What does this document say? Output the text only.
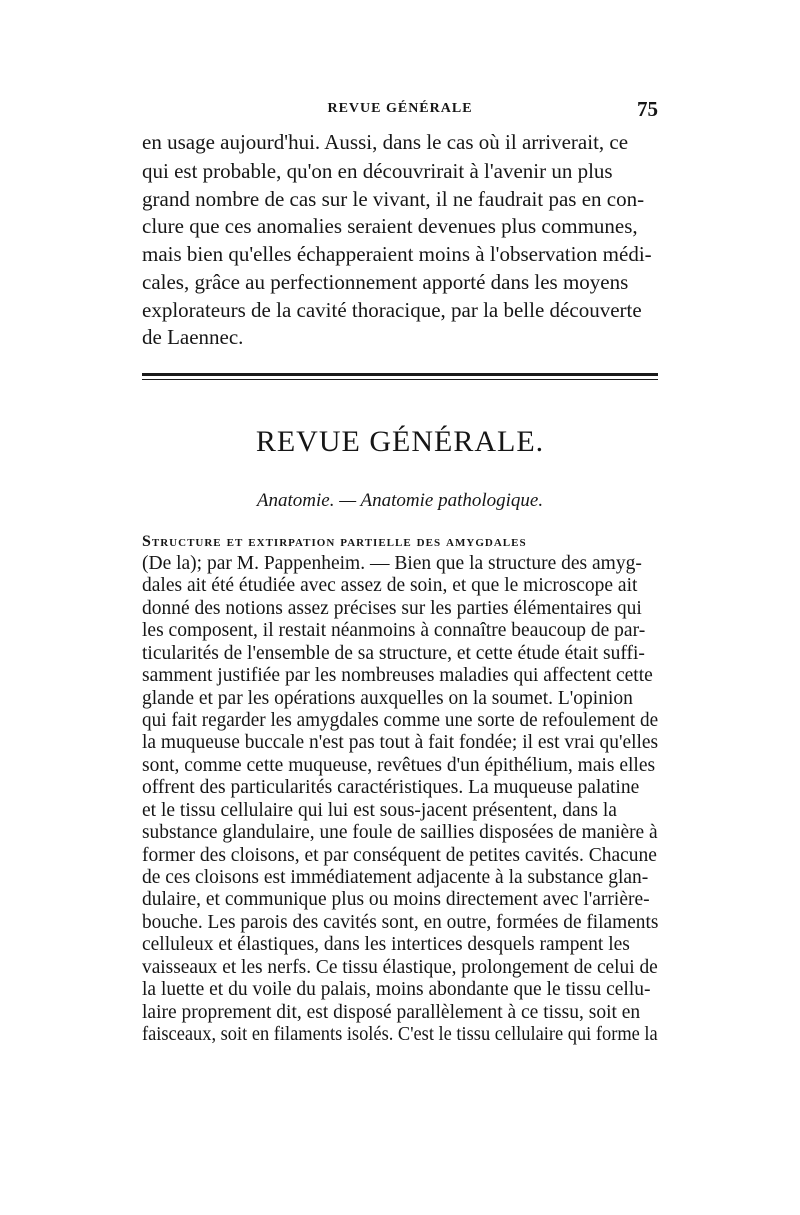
REVUE GÉNÉRALE	75
en usage aujourd'hui. Aussi, dans le cas où il arriverait, ce
qui est probable, qu'on en découvrirait à l'avenir un plus
grand nombre de cas sur le vivant, il ne faudrait pas en con-
clure que ces anomalies seraient devenues plus communes,
mais bien qu'elles échapperaient moins à l'observation médi-
cales, grâce au perfectionnement apporté dans les moyens
explorateurs de la cavité thoracique, par la belle découverte
de Laennec.
REVUE GÉNÉRALE.
Anatomie. — Anatomie pathologique.
Structure et extirpation partielle des amygdales
(De la); par M. Pappenheim. — Bien que la structure des amyg-
dales ait été étudiée avec assez de soin, et que le microscope ait
donné des notions assez précises sur les parties élémentaires qui
les composent, il restait néanmoins à connaître beaucoup de par-
ticularités de l'ensemble de sa structure, et cette étude était suffi-
samment justifiée par les nombreuses maladies qui affectent cette
glande et par les opérations auxquelles on la soumet. L'opinion
qui fait regarder les amygdales comme une sorte de refoulement de
la muqueuse buccale n'est pas tout à fait fondée; il est vrai qu'elles
sont, comme cette muqueuse, revêtues d'un épithélium, mais elles
offrent des particularités caractéristiques. La muqueuse palatine
et le tissu cellulaire qui lui est sous-jacent présentent, dans la
substance glandulaire, une foule de saillies disposées de manière à
former des cloisons, et par conséquent de petites cavités. Chacune
de ces cloisons est immédiatement adjacente à la substance glan-
dulaire, et communique plus ou moins directement avec l'arrière-
bouche. Les parois des cavités sont, en outre, formées de filaments
celluleux et élastiques, dans les intertices desquels rampent les
vaisseaux et les nerfs. Ce tissu élastique, prolongement de celui de
la luette et du voile du palais, moins abondante que le tissu cellu-
laire proprement dit, est disposé parallèlement à ce tissu, soit en
faisceaux, soit en filaments isolés. C'est le tissu cellulaire qui forme la
